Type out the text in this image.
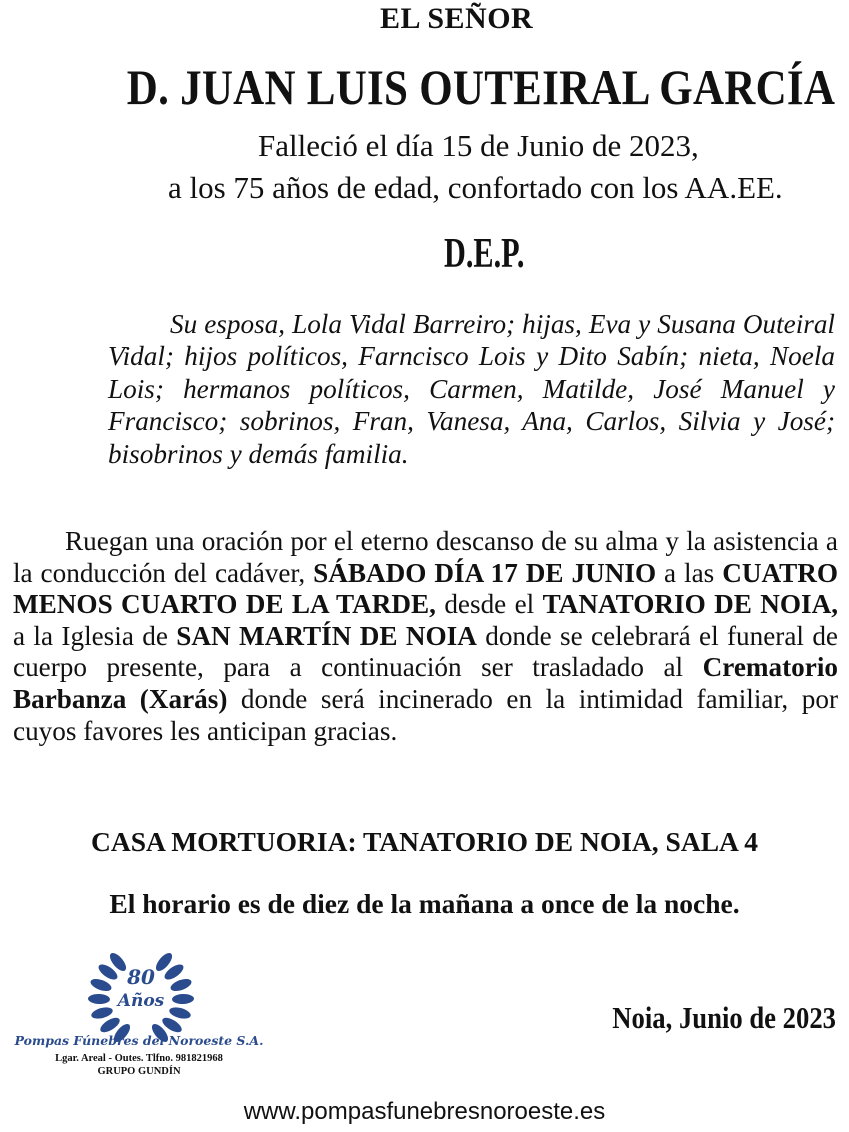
EL SEÑOR
D. JUAN LUIS OUTEIRAL GARCÍA
Falleció el día 15 de Junio de 2023,
a los 75 años de edad, confortado con los AA.EE.
D.E.P.
Su esposa, Lola Vidal Barreiro; hijas, Eva y Susana Outeiral Vidal; hijos políticos, Farncisco Lois y Dito Sabín; nieta, Noela Lois; hermanos políticos, Carmen, Matilde, José Manuel y Francisco; sobrinos, Fran, Vanesa, Ana, Carlos, Silvia y José; bisobrinos y demás familia.
Ruegan una oración por el eterno descanso de su alma y la asistencia a la conducción del cadáver, SÁBADO DÍA 17 DE JUNIO a las CUATRO MENOS CUARTO DE LA TARDE, desde el TANATORIO DE NOIA, a la Iglesia de SAN MARTÍN DE NOIA donde se celebrará el funeral de cuerpo presente, para a continuación ser trasladado al Crematorio Barbanza (Xarás) donde será incinerado en la intimidad familiar, por cuyos favores les anticipan gracias.
CASA MORTUORIA: TANATORIO DE NOIA, SALA 4
El horario es de diez de la mañana a once de la noche.
80
Años
Pompas Fúnebres del Noroeste S.A.
Lgar. Areal - Outes. Tlfno. 981821968
GRUPO GUNDÍN
Noia, Junio de 2023
www.pompasfunebresnoroeste.es
